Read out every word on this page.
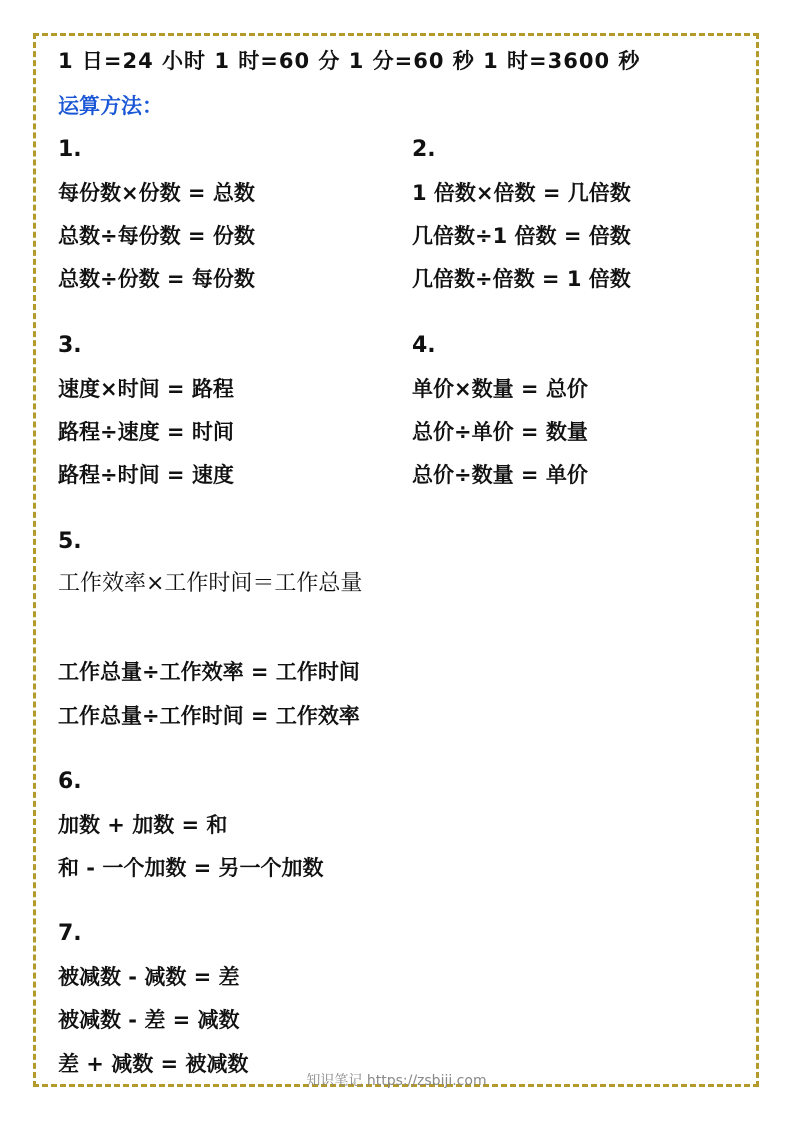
1 日=24 小时 1 时=60 分 1 分=60 秒 1 时=3600 秒
运算方法：
1.
每份数×份数 = 总数
总数÷每份数 = 份数
总数÷份数 = 每份数
2.
1 倍数×倍数 = 几倍数
几倍数÷1 倍数 = 倍数
几倍数÷倍数 = 1 倍数
3.
速度×时间 = 路程
路程÷速度 = 时间
路程÷时间 = 速度
4.
单价×数量 = 总价
总价÷单价 = 数量
总价÷数量 = 单价
5.
工作效率×工作时间＝工作总量
工作总量÷工作效率 = 工作时间
工作总量÷工作时间 = 工作效率
6.
加数 + 加数 = 和
和 - 一个加数 = 另一个加数
7.
被减数 - 减数 = 差
被减数 - 差 = 减数
差 + 减数 = 被减数
知识笔记 https://zsbiji.com
